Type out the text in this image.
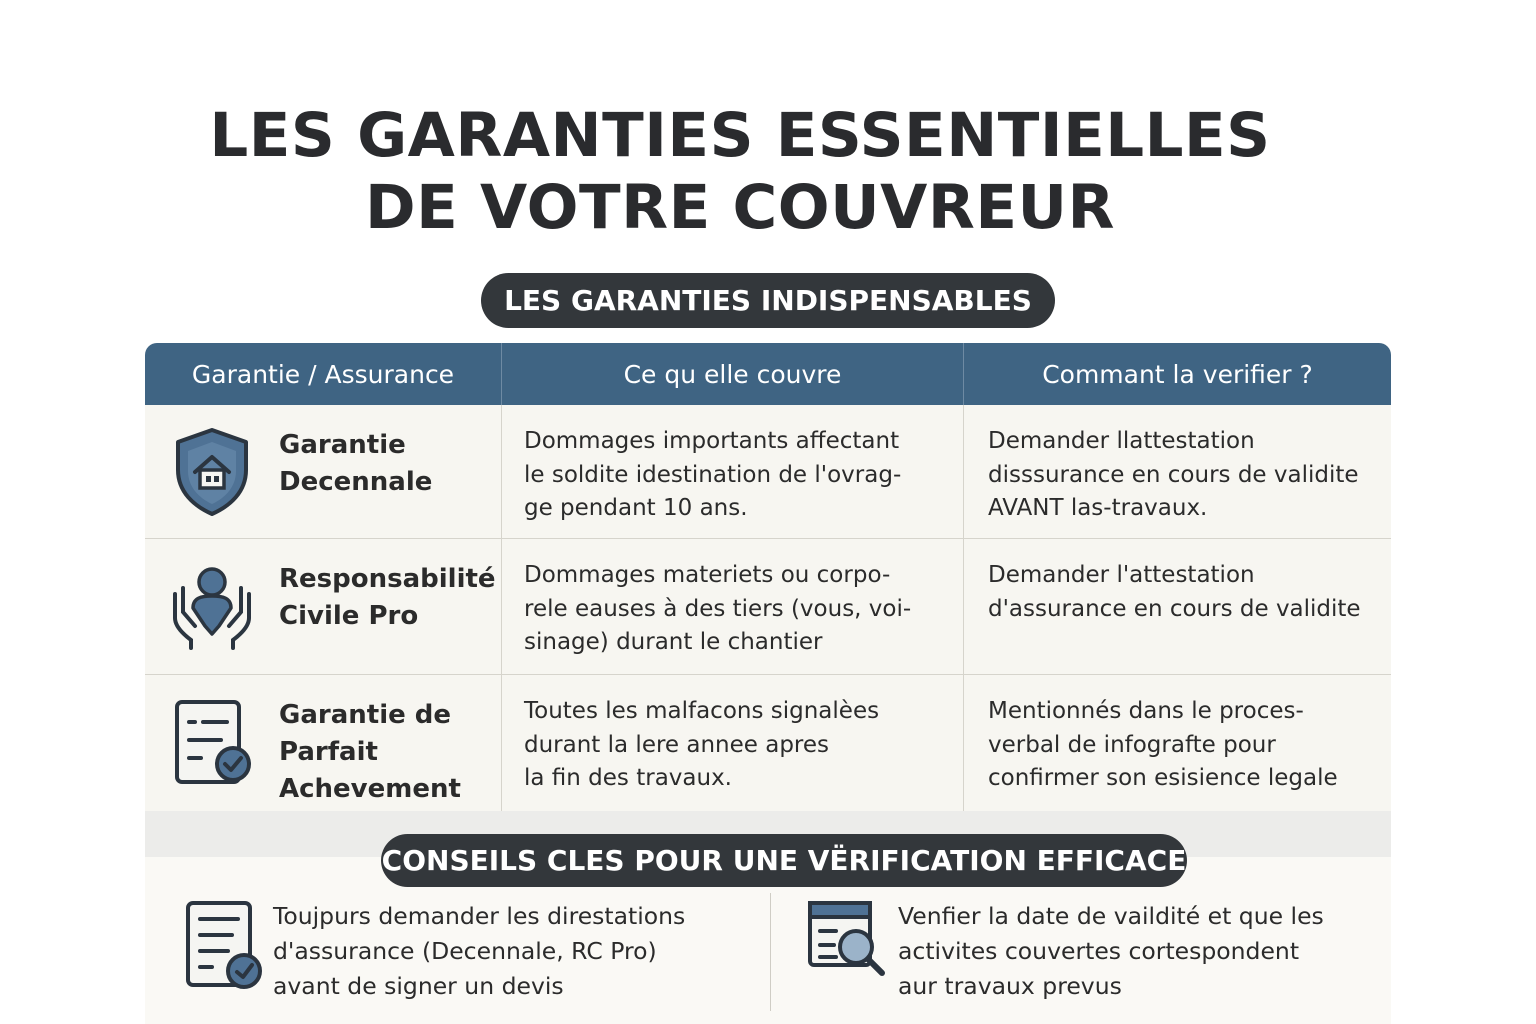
LES GARANTIES ESSENTIELLES
DE VOTRE COUVREUR
LES GARANTIES INDISPENSABLES
Garantie / Assurance	Ce qu elle couvre	Commant la verifier ?
Garantie
Decennale
Dommages importants affectant
le soldite idestination de l'ovrag-
ge pendant 10 ans.
Demander llattestation
disssurance en cours de validite
AVANT las-travaux.
Responsabilité
Civile Pro
Dommages materiets ou corpo-
rele eauses à des tiers (vous, voi-
sinage) durant le chantier
Demander l'attestation
d'assurance en cours de validite
Garantie de
Parfait
Achevement
Toutes les malfacons signalèes
durant la lere annee apres
la fin des travaux.
Mentionnés dans le proces-
verbal de infografte pour
confirmer son esisience legale
Toujpurs demander les direstations
d'assurance (Decennale, RC Pro)
avant de signer un devis
Venfier la date de vaildité et que les
activites couvertes cortespondent
aur travaux prevus
CONSEILS CLES POUR UNE VËRIFICATION EFFICACE
